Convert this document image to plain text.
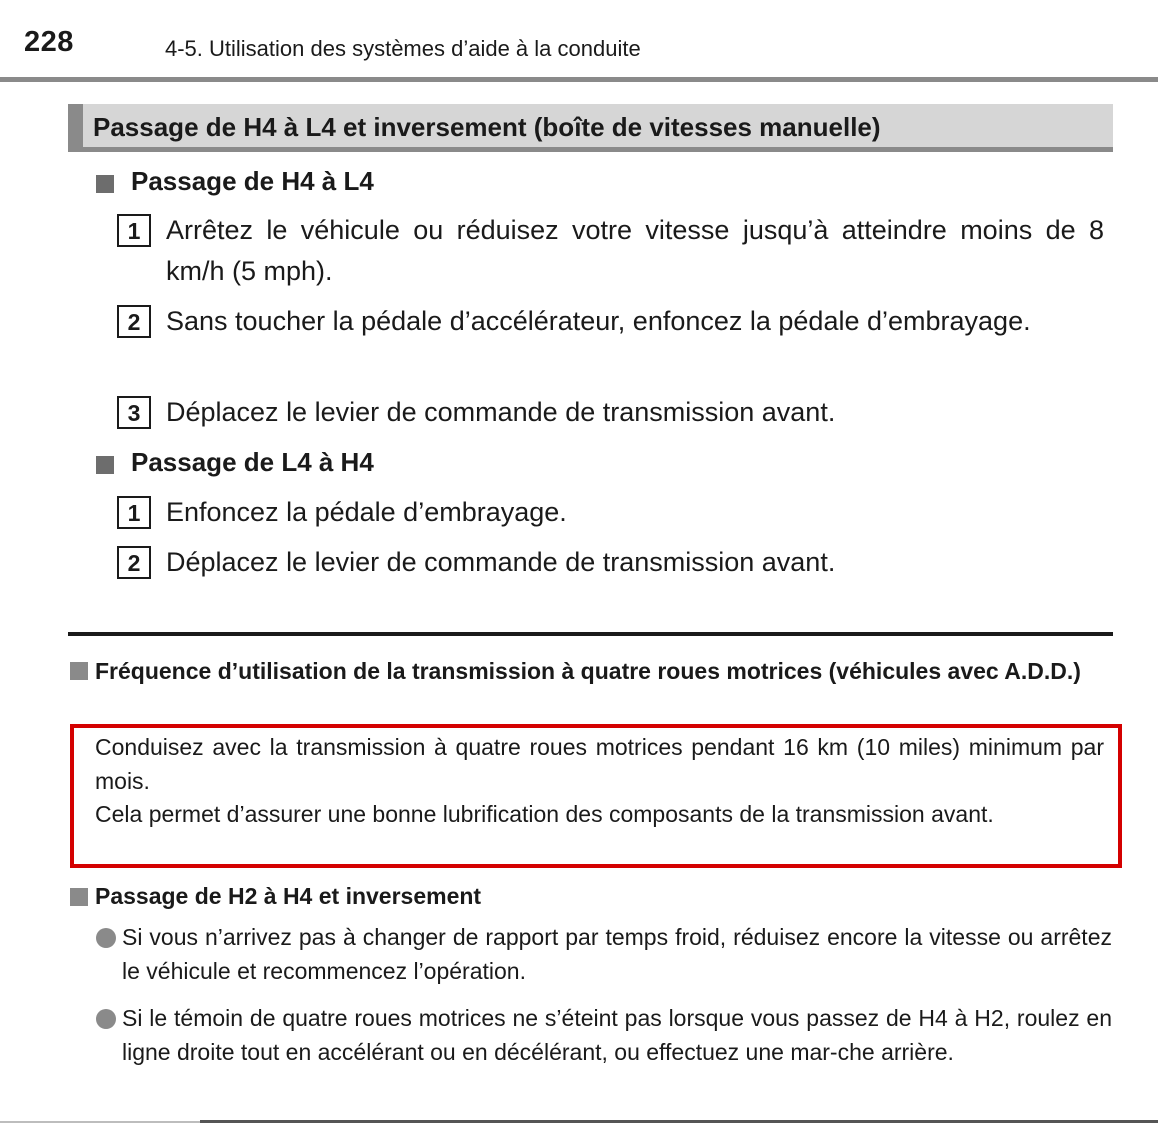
228	4-5. Utilisation des systèmes d’aide à la conduite
Passage de H4 à L4 et inversement (boîte de vitesses manuelle)
Passage de H4 à L4
1 Arrêtez le véhicule ou réduisez votre vitesse jusqu’à atteindre moins de 8 km/h (5 mph).
2 Sans toucher la pédale d’accélérateur, enfoncez la pédale d’embrayage.
3 Déplacez le levier de commande de transmission avant.
Passage de L4 à H4
1 Enfoncez la pédale d’embrayage.
2 Déplacez le levier de commande de transmission avant.
Fréquence d’utilisation de la transmission à quatre roues motrices (véhicules avec A.D.D.)
Conduisez avec la transmission à quatre roues motrices pendant 16 km (10 miles) minimum par mois.
Cela permet d’assurer une bonne lubrification des composants de la transmission avant.
Passage de H2 à H4 et inversement
Si vous n’arrivez pas à changer de rapport par temps froid, réduisez encore la vitesse ou arrêtez le véhicule et recommencez l’opération.
Si le témoin de quatre roues motrices ne s’éteint pas lorsque vous passez de H4 à H2, roulez en ligne droite tout en accélérant ou en décélérant, ou effectuez une mar-che arrière.
